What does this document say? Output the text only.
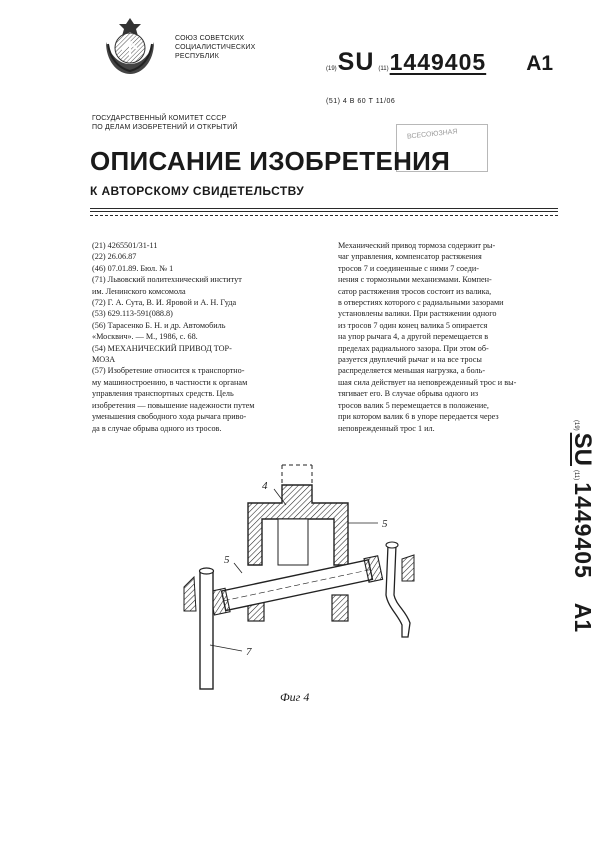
СОЮЗ СОВЕТСКИХ
СОЦИАЛИСТИЧЕСКИХ
РЕСПУБЛИК
(19) SU (11) 1449405 A1
(51) 4 В 60 Т 11/06
ГОСУДАРСТВЕННЫЙ КОМИТЕТ СССР
ПО ДЕЛАМ ИЗОБРЕТЕНИЙ И ОТКРЫТИЙ
ВСЕСОЮЗНАЯ
ОПИСАНИЕ ИЗОБРЕТЕНИЯ
К АВТОРСКОМУ СВИДЕТЕЛЬСТВУ
(21) 4265501/31-11
(22) 26.06.87
(46) 07.01.89. Бюл. № 1
(71) Львовский политехнический институт
им. Ленинского комсомола
(72) Г. А. Сута, В. И. Яровой и А. Н. Гуда
(53) 629.113-591(088.8)
(56) Тарасенко Б. Н. и др. Автомобиль
«Москвич». — М., 1986, с. 68.
(54) МЕХАНИЧЕСКИЙ ПРИВОД ТОР-
МОЗА
(57) Изобретение относится к транспортно-
му машиностроению, в частности к органам
управления транспортных средств. Цель
изобретения — повышение надежности путем
уменьшения свободного хода рычага приво-
да в случае обрыва одного из тросов.
Механический привод тормоза содержит ры-
чаг управления, компенсатор растяжения
тросов 7 и соединенные с ними 7 соеди-
нения с тормозными механизмами. Компен-
сатор растяжения тросов состоит из валика,
в отверстиях которого с радиальными зазорами
установлены валики. При растяжении одного
из тросов 7 один конец валика 5 опирается
на упор рычага 4, а другой перемещается в
пределах радиального зазора. При этом об-
разуется двуплечий рычаг и на все тросы
распределяется меньшая нагрузка, а боль-
шая сила действует на неповрежденный трос и вы-
тягивает его. В случае обрыва одного из
тросов валик 5 перемещается в положение,
при котором валик 6 в упоре передается через
неповрежденный трос 1 ил.	(19)
SU
(11)
1449405
A1
4
5
5
7
Фиг 4
